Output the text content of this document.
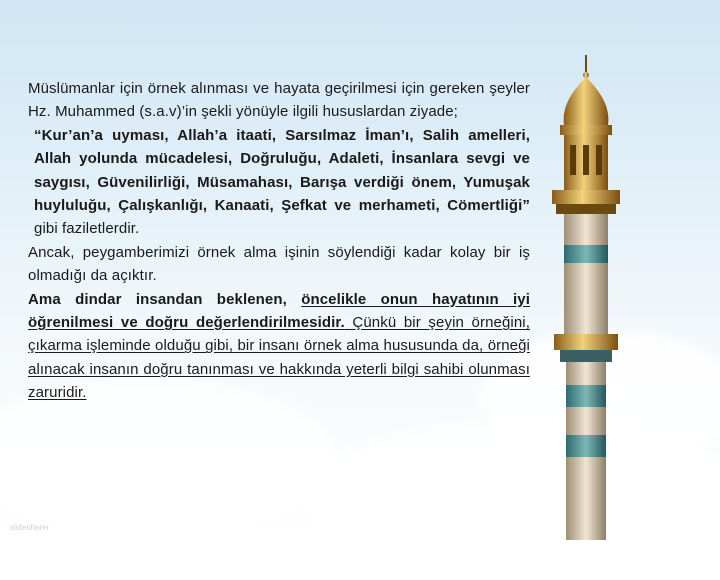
Müslümanlar için örnek alınması ve hayata geçirilmesi için gereken şeyler Hz. Muhammed (s.a.v)’in şekli yönüyle ilgili hususlardan ziyade;

“Kur’an’a uyması, Allah’a itaati, Sarsılmaz İman’ı, Salih amelleri, Allah yolunda mücadelesi, Doğruluğu, Adaleti, İnsanlara sevgi ve saygısı, Güvenilirliği, Müsamahası, Barışa verdiği önem, Yumuşak huyluluğu, Çalışkanlığı, Kanaati, Şefkat ve merhameti, Cömertliği” gibi faziletlerdir.

Ancak, peygamberimizi örnek alma işinin söylendiği kadar kolay bir iş olmadığı da açıktır.

Ama dindar insandan beklenen, öncelikle onun hayatının iyi öğrenilmesi ve doğru değerlendirilmesidir. Çünkü bir şeyin örneğini, çıkarma işleminde olduğu gibi, bir insanı örnek alma hususunda da, örneği alınacak insanın doğru tanınması ve hakkında yeterli bilgi sahibi olunması zaruridir.

slidesharer
